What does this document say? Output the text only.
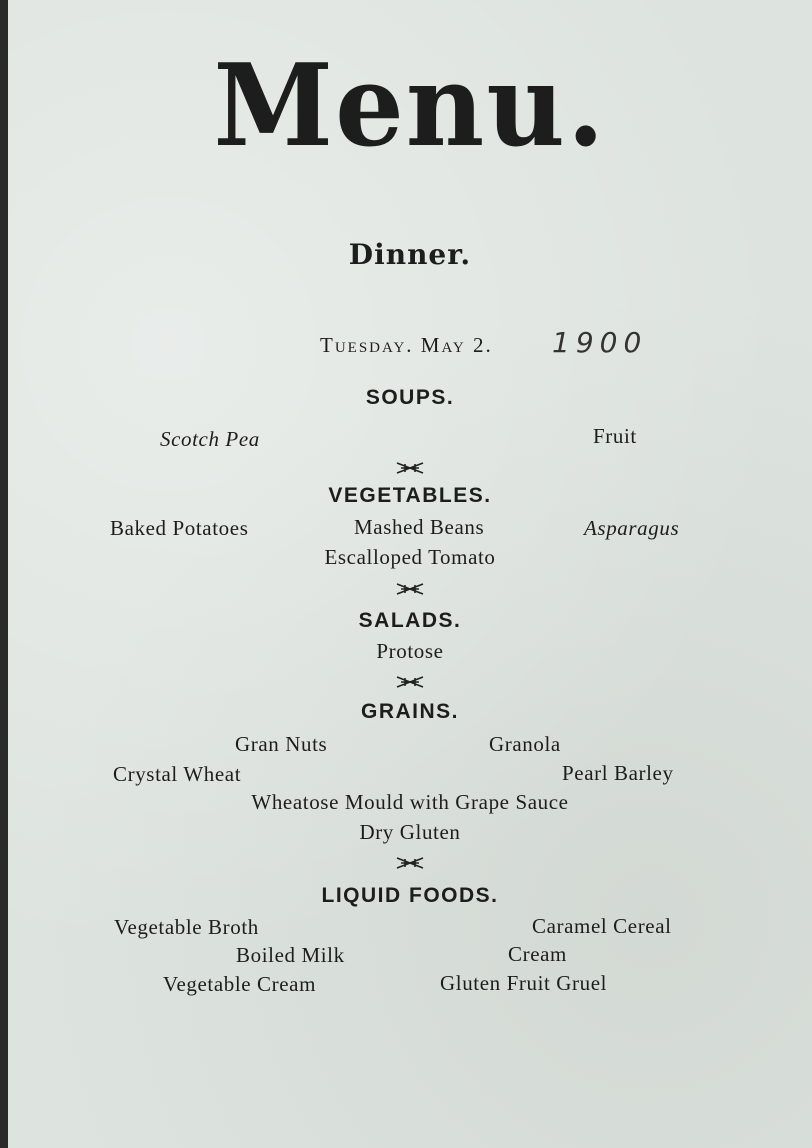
Menu.
Dinner.
Tuesday. May 2. 1900
SOUPS.
Scotch Pea	Fruit
VEGETABLES.
Baked Potatoes	Mashed Beans	Asparagus
Escalloped Tomato
SALADS.
Protose
GRAINS.
Gran Nuts	Granola
Crystal Wheat	Pearl Barley
Wheatose Mould with Grape Sauce
Dry Gluten
LIQUID FOODS.
Vegetable Broth	Caramel Cereal
Boiled Milk	Cream
Vegetable Cream	Gluten Fruit Gruel
